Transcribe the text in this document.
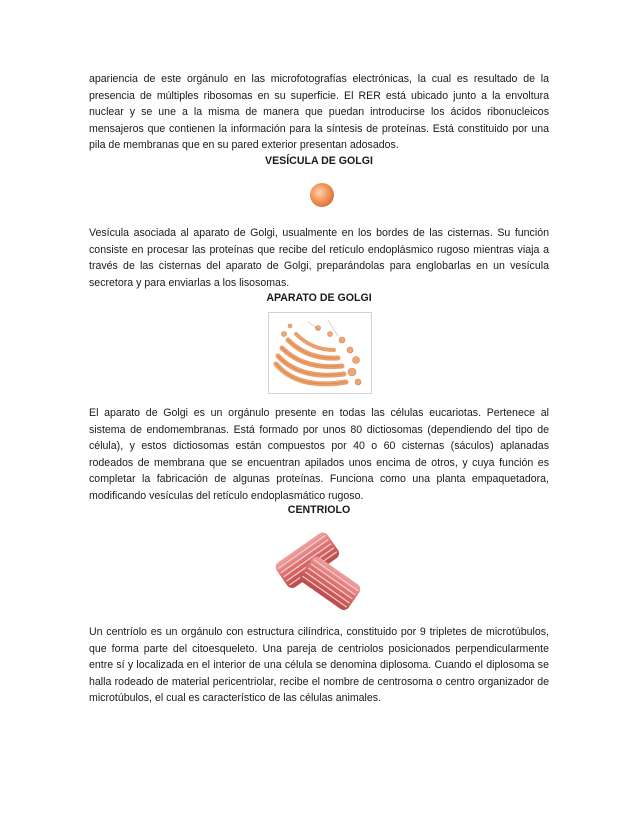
apariencia de este orgánulo en las microfotografías electrónicas, la cual es resultado de la presencia de múltiples ribosomas en su superficie. El RER está ubicado junto a la envoltura nuclear y se une a la misma de manera que puedan introducirse los ácidos ribonucleicos mensajeros que contienen la información para la síntesis de proteínas. Está constituido por una pila de membranas que en su pared exterior presentan adosados.

VESÍCULA DE GOLGI

Vesícula asociada al aparato de Golgi, usualmente en los bordes de las cisternas. Su función consiste en procesar las proteínas que recibe del retículo endoplásmico rugoso mientras viaja a través de las cisternas del aparato de Golgi, preparándolas para englobarlas en un vesícula secretora y para enviarlas a los lisosomas.

APARATO DE GOLGI

El aparato de Golgi es un orgánulo presente en todas las células eucariotas. Pertenece al sistema de endomembranas. Está formado por unos 80 dictiosomas (dependiendo del tipo de célula), y estos dictiosomas están compuestos por 40 o 60 cisternas (sáculos) aplanadas rodeados de membrana que se encuentran apilados unos encima de otros, y cuya función es completar la fabricación de algunas proteínas. Funciona como una planta empaquetadora, modificando vesículas del retículo endoplasmático rugoso.

CENTRIOLO

Un centríolo es un orgánulo con estructura cilíndrica, constituido por 9 tripletes de microtúbulos, que forma parte del citoesqueleto. Una pareja de centriolos posicionados perpendicularmente entre sí y localizada en el interior de una célula se denomina diplosoma. Cuando el diplosoma se halla rodeado de material pericentriolar, recibe el nombre de centrosoma o centro organizador de microtúbulos, el cual es característico de las células animales.
